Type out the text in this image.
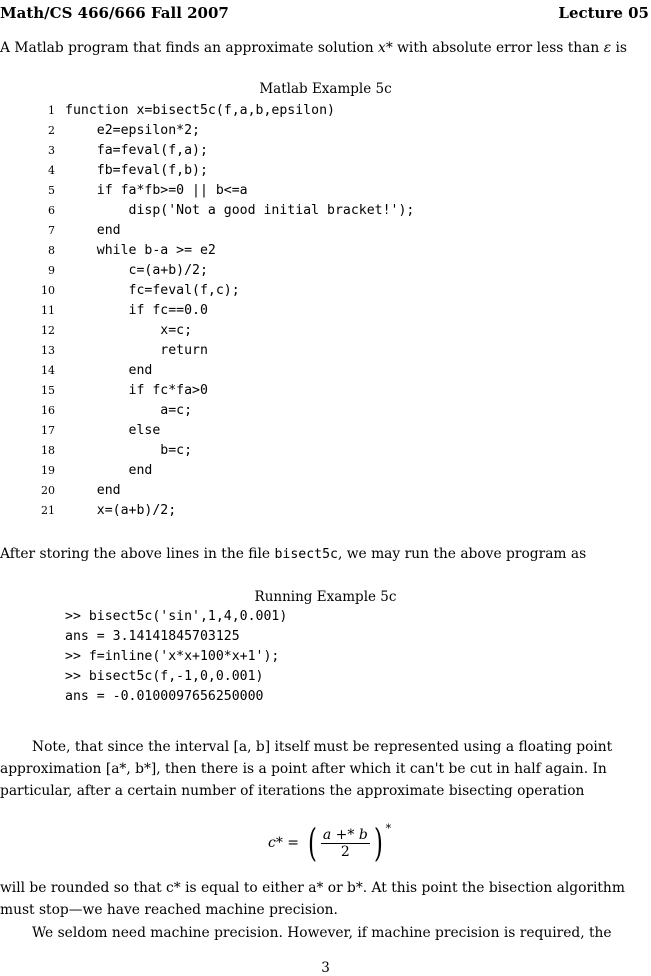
Math/CS 466/666 Fall 2007	Lecture 05
A Matlab program that finds an approximate solution x* with absolute error less than ε is
Matlab Example 5c
1 function x=bisect5c(f,a,b,epsilon)
2    e2=epsilon*2;
3    fa=feval(f,a);
4    fb=feval(f,b);
5    if fa*fb>=0 || b<=a
6        disp('Not a good initial bracket!');
7    end
8    while b-a >= e2
9        c=(a+b)/2;
10        fc=feval(f,c);
11        if fc==0.0
12            x=c;
13            return
14        end
15        if fc*fa>0
16            a=c;
17        else
18            b=c;
19        end
20    end
21    x=(a+b)/2;
After storing the above lines in the file bisect5c, we may run the above program as
Running Example 5c
>> bisect5c('sin',1,4,0.001)
ans = 3.14141845703125
>> f=inline('x*x+100*x+1');
>> bisect5c(f,-1,0,0.001)
ans = -0.0100097656250000
Note, that since the interval [a, b] itself must be represented using a floating point
approximation [a*, b*], then there is a point after which it can't be cut in half again. In
particular, after a certain number of iterations the approximate bisecting operation
c* = ( $\frac{a +* b}{2}$ ) *
will be rounded so that c* is equal to either a* or b*. At this point the bisection algorithm
must stop—we have reached machine precision.
We seldom need machine precision. However, if machine precision is required, the
3
